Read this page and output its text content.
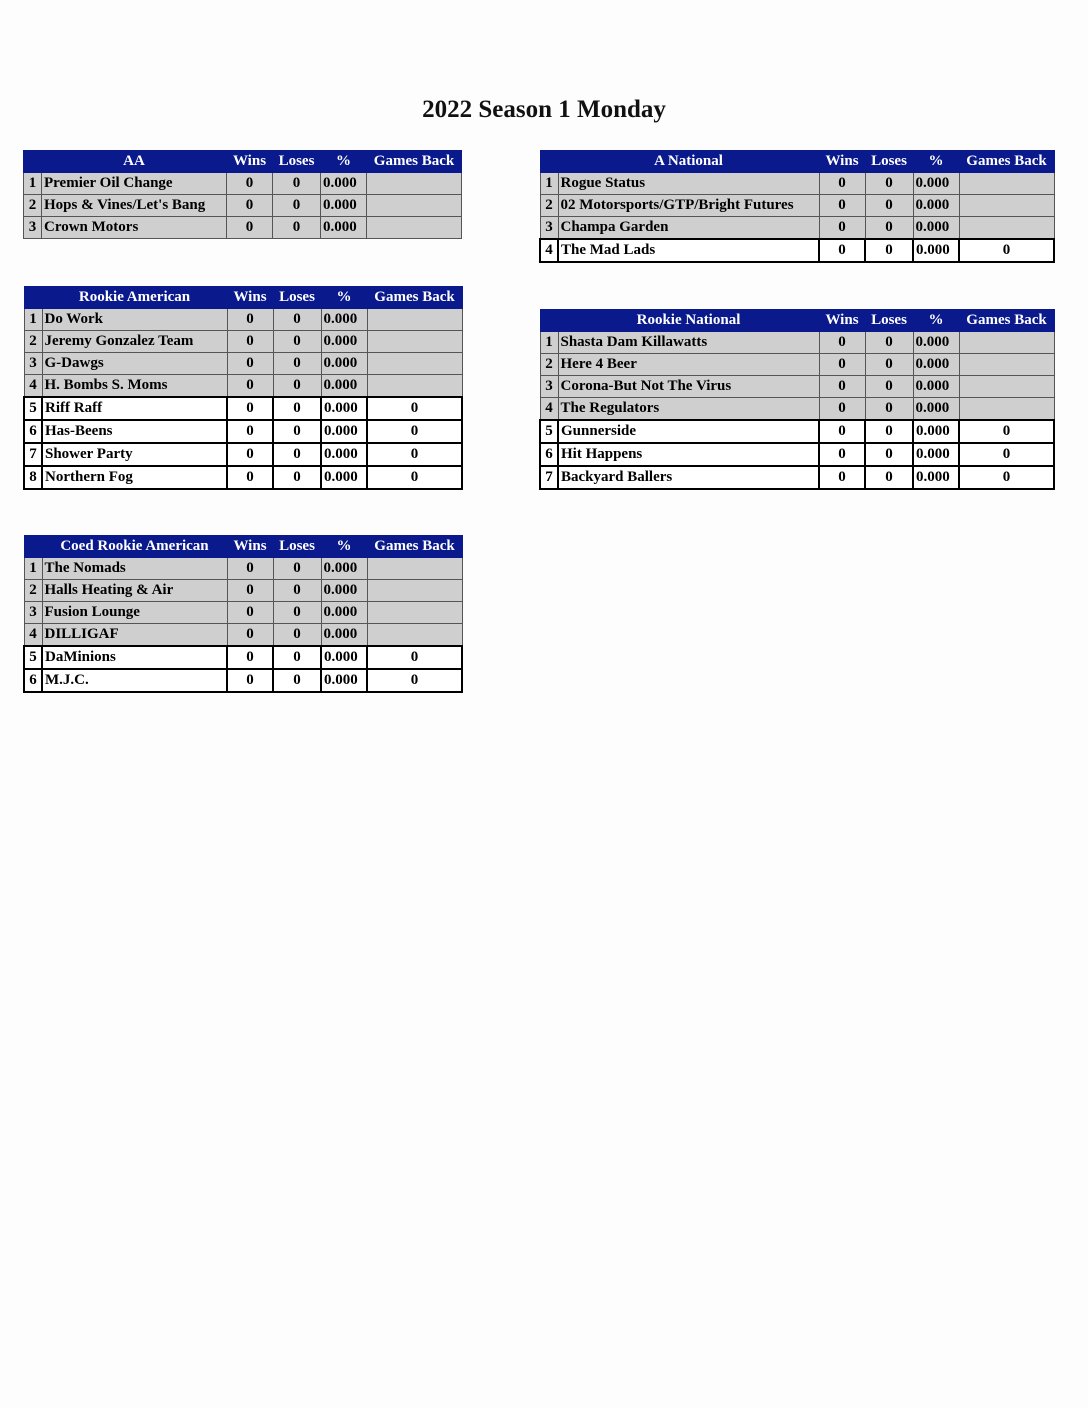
2022 Season 1 Monday
	AA	Wins	Loses	%	Games Back
1	Premier Oil Change	0	0	0.000	
2	Hops & Vines/Let's Bang	0	0	0.000	
3	Crown Motors	0	0	0.000	
	A National	Wins	Loses	%	Games Back
1	Rogue Status	0	0	0.000	
2	02 Motorsports/GTP/Bright Futures	0	0	0.000	
3	Champa Garden	0	0	0.000	
4	The Mad Lads	0	0	0.000	0
	Rookie American	Wins	Loses	%	Games Back
1	Do Work	0	0	0.000	
2	Jeremy Gonzalez Team	0	0	0.000	
3	G-Dawgs	0	0	0.000	
4	H. Bombs S. Moms	0	0	0.000	
5	Riff Raff	0	0	0.000	0
6	Has-Beens	0	0	0.000	0
7	Shower Party	0	0	0.000	0
8	Northern Fog	0	0	0.000	0
	Rookie National	Wins	Loses	%	Games Back
1	Shasta Dam Killawatts	0	0	0.000	
2	Here 4 Beer	0	0	0.000	
3	Corona-But Not The Virus	0	0	0.000	
4	The Regulators	0	0	0.000	
5	Gunnerside	0	0	0.000	0
6	Hit Happens	0	0	0.000	0
7	Backyard Ballers	0	0	0.000	0
	Coed Rookie American	Wins	Loses	%	Games Back
1	The Nomads	0	0	0.000	
2	Halls Heating & Air	0	0	0.000	
3	Fusion Lounge	0	0	0.000	
4	DILLIGAF	0	0	0.000	
5	DaMinions	0	0	0.000	0
6	M.J.C.	0	0	0.000	0
